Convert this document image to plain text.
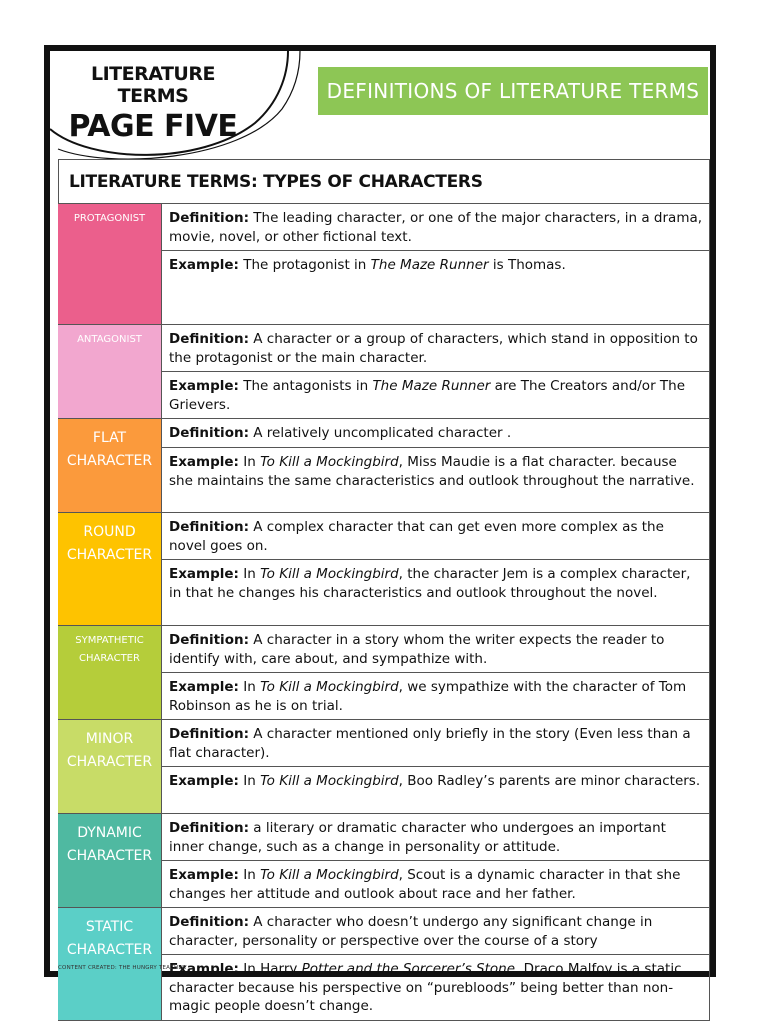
LITERATURE TERMS
PAGE FIVE
DEFINITIONS OF LITERATURE TERMS
LITERATURE TERMS: TYPES OF CHARACTERS
PROTAGONIST	Definition: The leading character, or one of the major characters, in a drama, movie, novel, or other fictional text.
Example: The protagonist in The Maze Runner is Thomas.
ANTAGONIST	Definition: A character or a group of characters, which stand in opposition to the protagonist or the main character.
Example: The antagonists in The Maze Runner are The Creators and/or The Grievers.
FLAT CHARACTER
Definition: A relatively uncomplicated character .
Example: In To Kill a Mockingbird, Miss Maudie is a flat character. because she maintains the same characteristics and outlook throughout the narrative.
ROUND CHARACTER
Definition: A complex character that can get even more complex as the novel goes on.
Example: In To Kill a Mockingbird, the character Jem is a complex character, in that he changes his characteristics and outlook throughout the novel.
SYMPATHETIC CHARACTER
Definition: A character in a story whom the writer expects the reader to identify with, care about, and sympathize with.
Example: In To Kill a Mockingbird, we sympathize with the character of Tom Robinson as he is on trial.
MINOR CHARACTER
Definition: A character mentioned only briefly in the story (Even less than a flat character).
Example: In To Kill a Mockingbird, Boo Radley’s parents are minor characters.
DYNAMIC CHARACTER
Definition: a literary or dramatic character who undergoes an important inner change, such as a change in personality or attitude.
Example: In To Kill a Mockingbird, Scout is a dynamic character in that she changes her attitude and outlook about race and her father.
STATIC CHARACTER
Definition: A character who doesn’t undergo any significant change in character, personality or perspective over the course of a story
Example: In Harry Potter and the Sorcerer’s Stone, Draco Malfoy is a static character because his perspective on “purebloods” being better than non-magic people doesn’t change.
CONTENT CREATED: THE HUNGRY TEACHER
